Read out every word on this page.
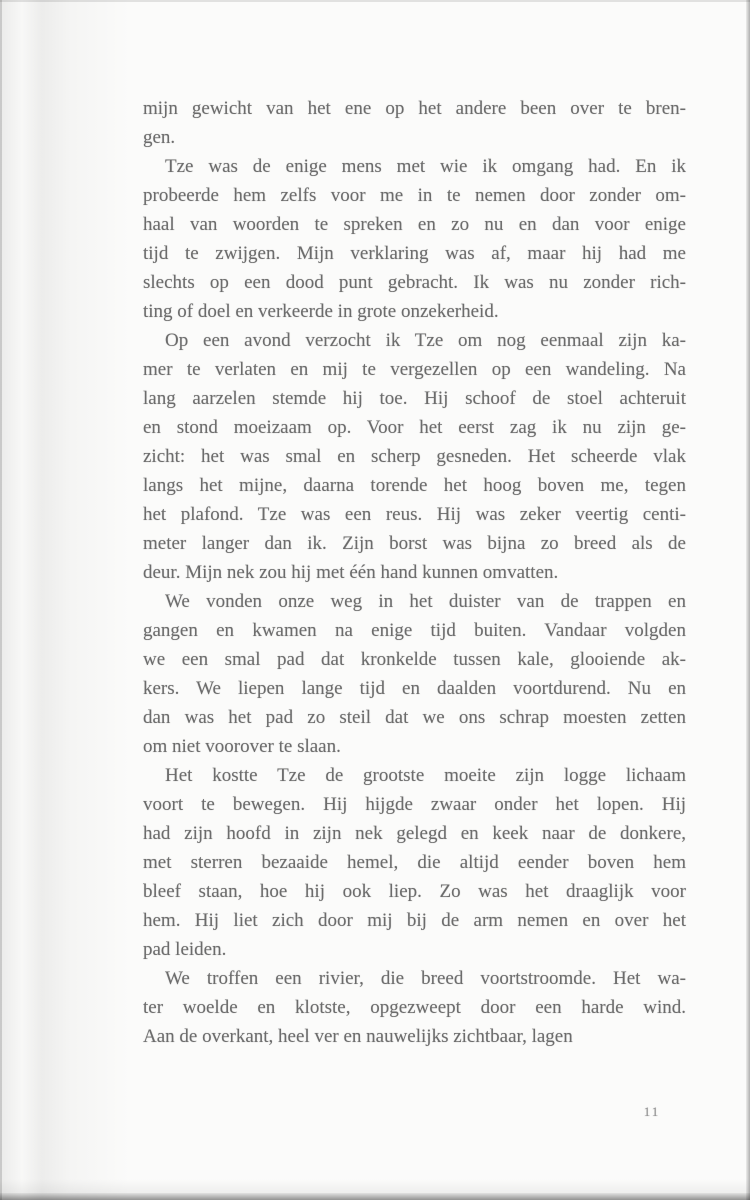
mijn gewicht van het ene op het andere been over te bren-
gen.
Tze was de enige mens met wie ik omgang had. En ik
probeerde hem zelfs voor me in te nemen door zonder om-
haal van woorden te spreken en zo nu en dan voor enige
tijd te zwijgen. Mijn verklaring was af, maar hij had me
slechts op een dood punt gebracht. Ik was nu zonder rich-
ting of doel en verkeerde in grote onzekerheid.
Op een avond verzocht ik Tze om nog eenmaal zijn ka-
mer te verlaten en mij te vergezellen op een wandeling. Na
lang aarzelen stemde hij toe. Hij schoof de stoel achteruit
en stond moeizaam op. Voor het eerst zag ik nu zijn ge-
zicht: het was smal en scherp gesneden. Het scheerde vlak
langs het mijne, daarna torende het hoog boven me, tegen
het plafond. Tze was een reus. Hij was zeker veertig centi-
meter langer dan ik. Zijn borst was bijna zo breed als de
deur. Mijn nek zou hij met één hand kunnen omvatten.
We vonden onze weg in het duister van de trappen en
gangen en kwamen na enige tijd buiten. Vandaar volgden
we een smal pad dat kronkelde tussen kale, glooiende ak-
kers. We liepen lange tijd en daalden voortdurend. Nu en
dan was het pad zo steil dat we ons schrap moesten zetten
om niet voorover te slaan.
Het kostte Tze de grootste moeite zijn logge lichaam
voort te bewegen. Hij hijgde zwaar onder het lopen. Hij
had zijn hoofd in zijn nek gelegd en keek naar de donkere,
met sterren bezaaide hemel, die altijd eender boven hem
bleef staan, hoe hij ook liep. Zo was het draaglijk voor
hem. Hij liet zich door mij bij de arm nemen en over het
pad leiden.
We troffen een rivier, die breed voortstroomde. Het wa-
ter woelde en klotste, opgezweept door een harde wind.
Aan de overkant, heel ver en nauwelijks zichtbaar, lagen
11
